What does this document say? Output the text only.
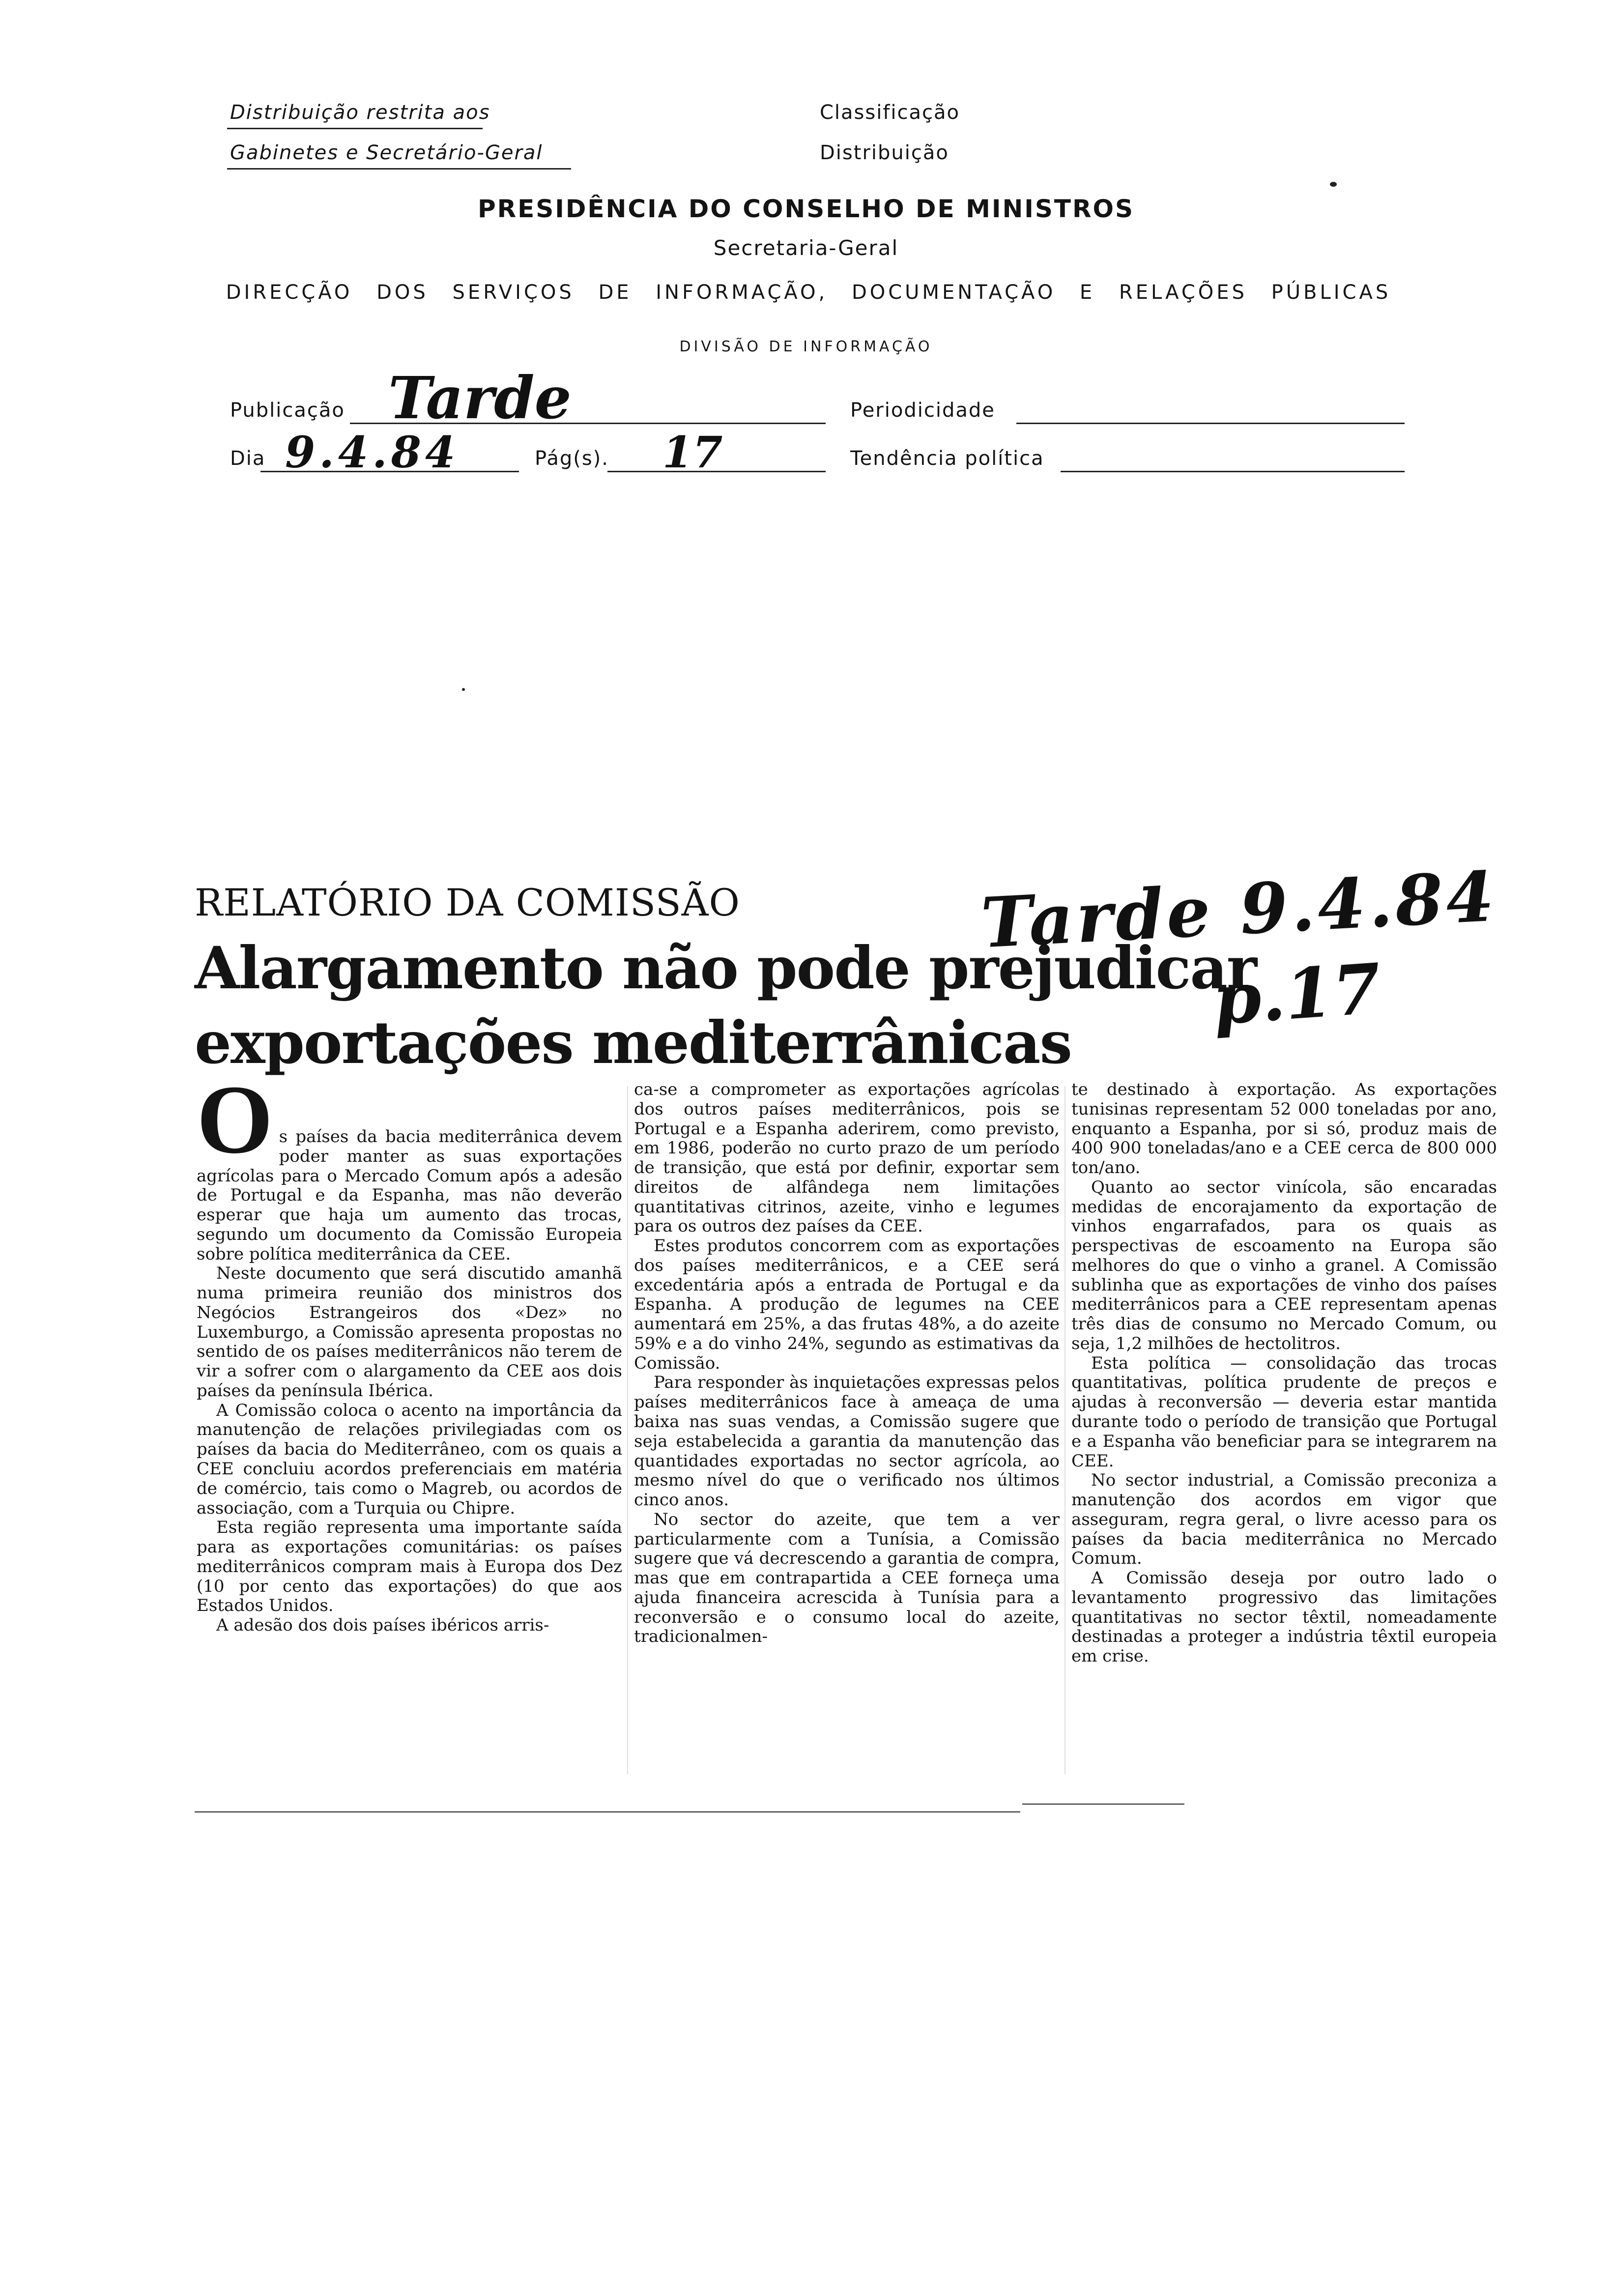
Distribuição restrita aos
Gabinetes e Secretário-Geral
Classificação
Distribuição
PRESIDÊNCIA DO CONSELHO DE MINISTROS
Secretaria-Geral
DIRECÇÃO DOS SERVIÇOS DE INFORMAÇÃO, DOCUMENTAÇÃO E RELAÇÕES PÚBLICAS
DIVISÃO DE INFORMAÇÃO
Publicação Tarde	Periodicidade
Dia 9.4.84	Pág(s). 17	Tendência política
RELATÓRIO DA COMISSÃO
Alargamento não pode prejudicar
exportações mediterrânicas
Tarde 9.4.84
p.17
O s países da bacia mediterrânica devem poder manter as suas exportações agrícolas para o Mercado Comum após a adesão de Portugal e da Espanha, mas não deverão esperar que haja um aumento das trocas, segundo um documento da Comissão Europeia sobre política mediterrânica da CEE.

Neste documento que será discutido amanhã numa primeira reunião dos ministros dos Negócios Estrangeiros dos «Dez» no Luxemburgo, a Comissão apresenta propostas no sentido de os países mediterrânicos não terem de vir a sofrer com o alargamento da CEE aos dois países da península Ibérica.

A Comissão coloca o acento na importância da manutenção de relações privilegiadas com os países da bacia do Mediterrâneo, com os quais a CEE concluiu acordos preferenciais em matéria de comércio, tais como o Magreb, ou acordos de associação, com a Turquia ou Chipre.

Esta região representa uma importante saída para as exportações comunitárias: os países mediterrânicos compram mais à Europa dos Dez (10 por cento das exportações) do que aos Estados Unidos.

A adesão dos dois países ibéricos arris-

ca-se a comprometer as exportações agrícolas dos outros países mediterrânicos, pois se Portugal e a Espanha aderirem, como previsto, em 1986, poderão no curto prazo de um período de transição, que está por definir, exportar sem direitos de alfândega nem limitações quantitativas citrinos, azeite, vinho e legumes para os outros dez países da CEE.

Estes produtos concorrem com as exportações dos países mediterrânicos, e a CEE será excedentária após a entrada de Portugal e da Espanha. A produção de legumes na CEE aumentará em 25%, a das frutas 48%, a do azeite 59% e a do vinho 24%, segundo as estimativas da Comissão.

Para responder às inquietações expressas pelos países mediterrânicos face à ameaça de uma baixa nas suas vendas, a Comissão sugere que seja estabelecida a garantia da manutenção das quantidades exportadas no sector agrícola, ao mesmo nível do que o verificado nos últimos cinco anos.

No sector do azeite, que tem a ver particularmente com a Tunísia, a Comissão sugere que vá decrescendo a garantia de compra, mas que em contrapartida a CEE forneça uma ajuda financeira acrescida à Tunísia para a reconversão e o consumo local do azeite, tradicionalmen-

te destinado à exportação. As exportações tunisinas representam 52 000 toneladas por ano, enquanto a Espanha, por si só, produz mais de 400 900 toneladas/ano e a CEE cerca de 800 000 ton/ano.

Quanto ao sector vinícola, são encaradas medidas de encorajamento da exportação de vinhos engarrafados, para os quais as perspectivas de escoamento na Europa são melhores do que o vinho a granel. A Comissão sublinha que as exportações de vinho dos países mediterrânicos para a CEE representam apenas três dias de consumo no Mercado Comum, ou seja, 1,2 milhões de hectolitros.

Esta política — consolidação das trocas quantitativas, política prudente de preços e ajudas à reconversão — deveria estar mantida durante todo o período de transição que Portugal e a Espanha vão beneficiar para se integrarem na CEE.

No sector industrial, a Comissão preconiza a manutenção dos acordos em vigor que asseguram, regra geral, o livre acesso para os países da bacia mediterrânica no Mercado Comum.

A Comissão deseja por outro lado o levantamento progressivo das limitações quantitativas no sector têxtil, nomeadamente destinadas a proteger a indústria têxtil europeia em crise.
